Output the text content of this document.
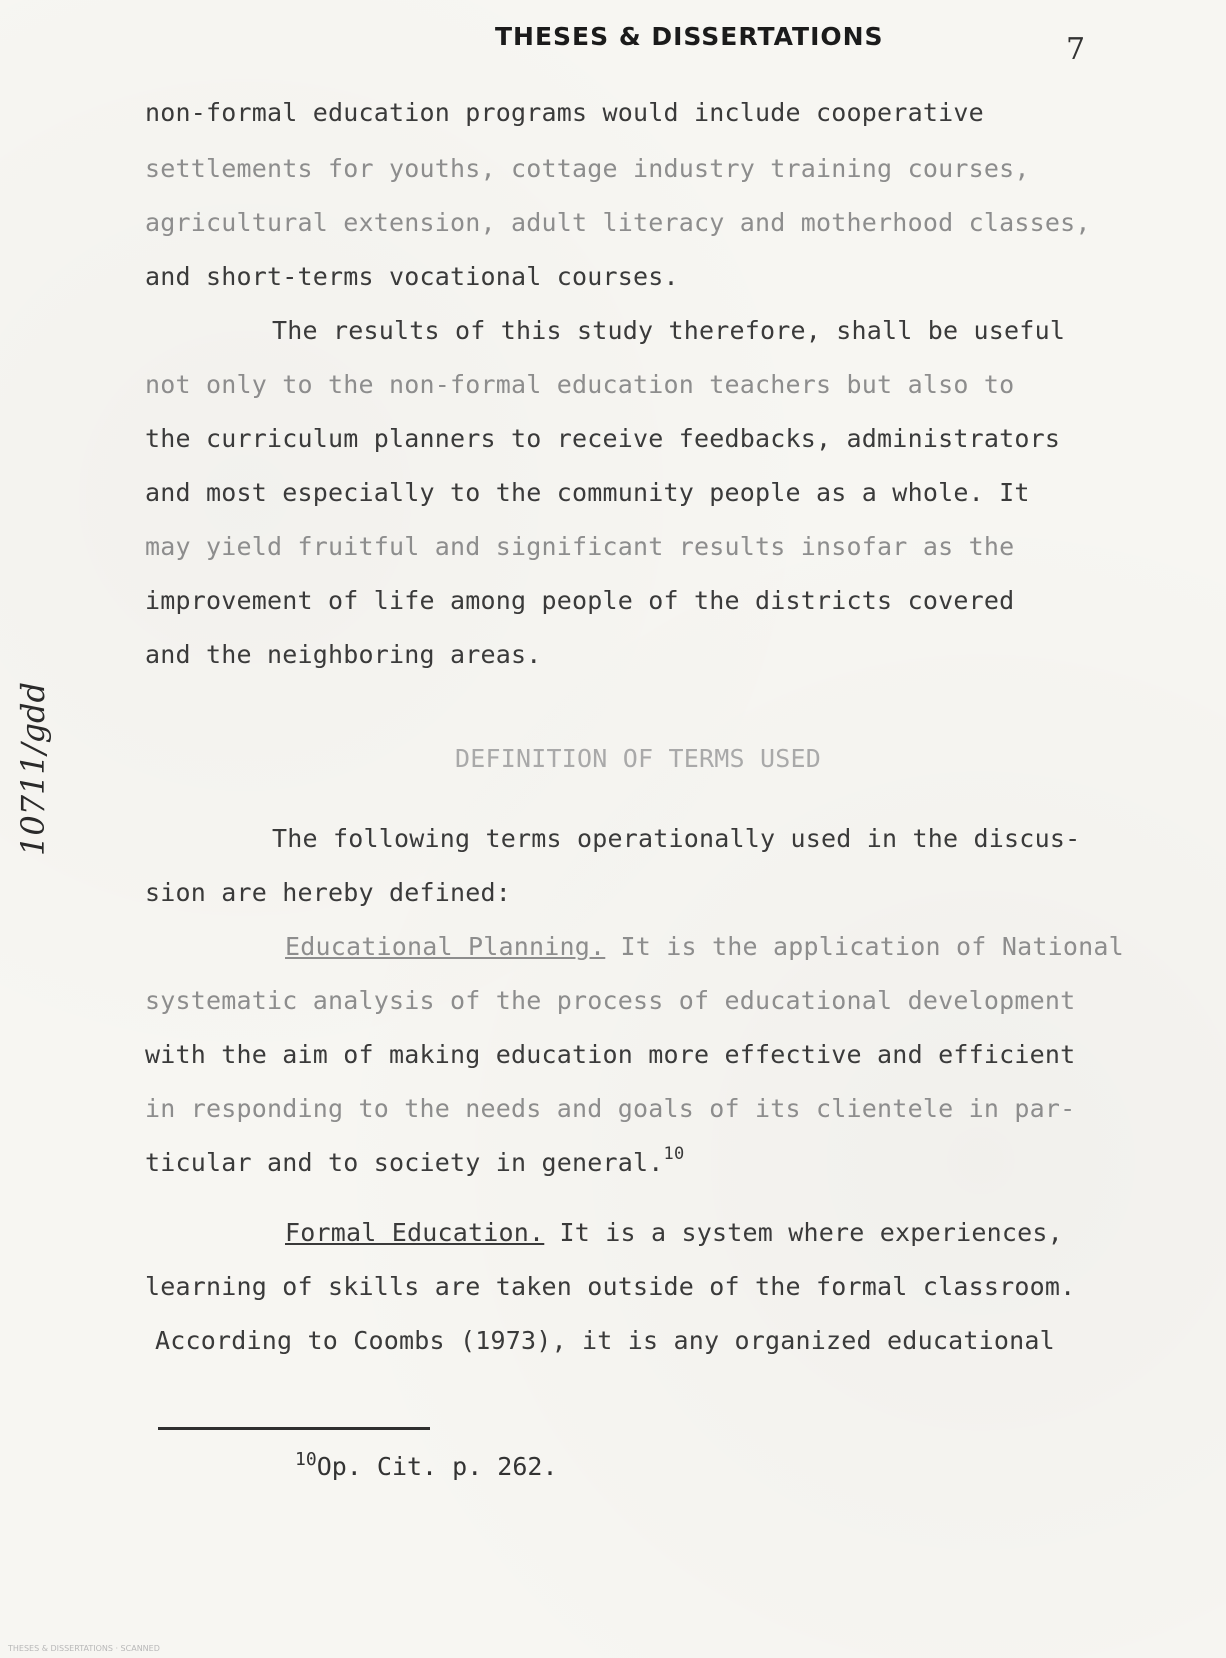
THESES & DISSERTATIONS	7
10711/gdd
non-formal education programs would include cooperative
settlements for youths, cottage industry training courses,
agricultural extension, adult literacy and motherhood classes,
and short-terms vocational courses.
The results of this study therefore, shall be useful
not only to the non-formal education teachers but also to
the curriculum planners to receive feedbacks, administrators
and most especially to the community people as a whole. It
may yield fruitful and significant results insofar as the
improvement of life among people of the districts covered
and the neighboring areas.
DEFINITION OF TERMS USED
The following terms operationally used in the discus-
sion are hereby defined:
Educational Planning. It is the application of National
systematic analysis of the process of educational development
with the aim of making education more effective and efficient
in responding to the needs and goals of its clientele in par-
ticular and to society in general.$^{10}$
Formal Education. It is a system where experiences,
learning of skills are taken outside of the formal classroom.
According to Coombs (1973), it is any organized educational
$^{10}$Op. Cit. p. 262.
THESES & DISSERTATIONS · SCANNED
